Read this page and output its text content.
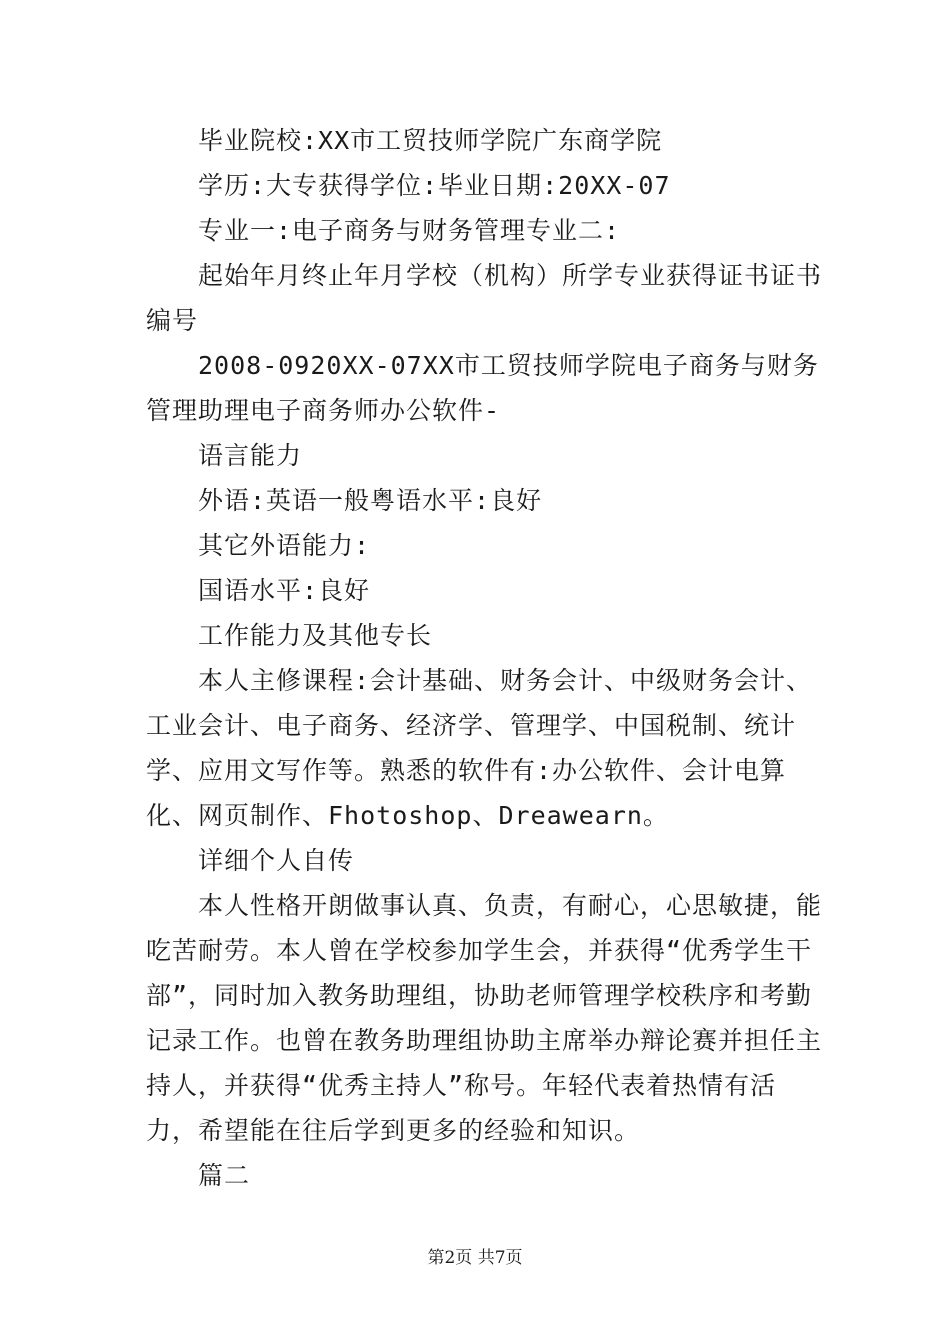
毕业院校:XX市工贸技师学院广东商学院

学历:大专获得学位:毕业日期:20XX-07

专业一:电子商务与财务管理专业二:

起始年月终止年月学校（机构）所学专业获得证书证书编号

2008-0920XX-07XX市工贸技师学院电子商务与财务管理助理电子商务师办公软件-

语言能力

外语:英语一般粤语水平:良好

其它外语能力:

国语水平:良好

工作能力及其他专长

本人主修课程:会计基础、财务会计、中级财务会计、工业会计、电子商务、经济学、管理学、中国税制、统计学、应用文写作等。熟悉的软件有:办公软件、会计电算化、网页制作、Fhotoshop、Dreawearn。

详细个人自传

本人性格开朗做事认真、负责，有耐心，心思敏捷，能吃苦耐劳。本人曾在学校参加学生会，并获得“优秀学生干部”，同时加入教务助理组，协助老师管理学校秩序和考勤记录工作。也曾在教务助理组协助主席举办辩论赛并担任主持人，并获得“优秀主持人”称号。年轻代表着热情有活力，希望能在往后学到更多的经验和知识。

篇二

第2页 共7页
